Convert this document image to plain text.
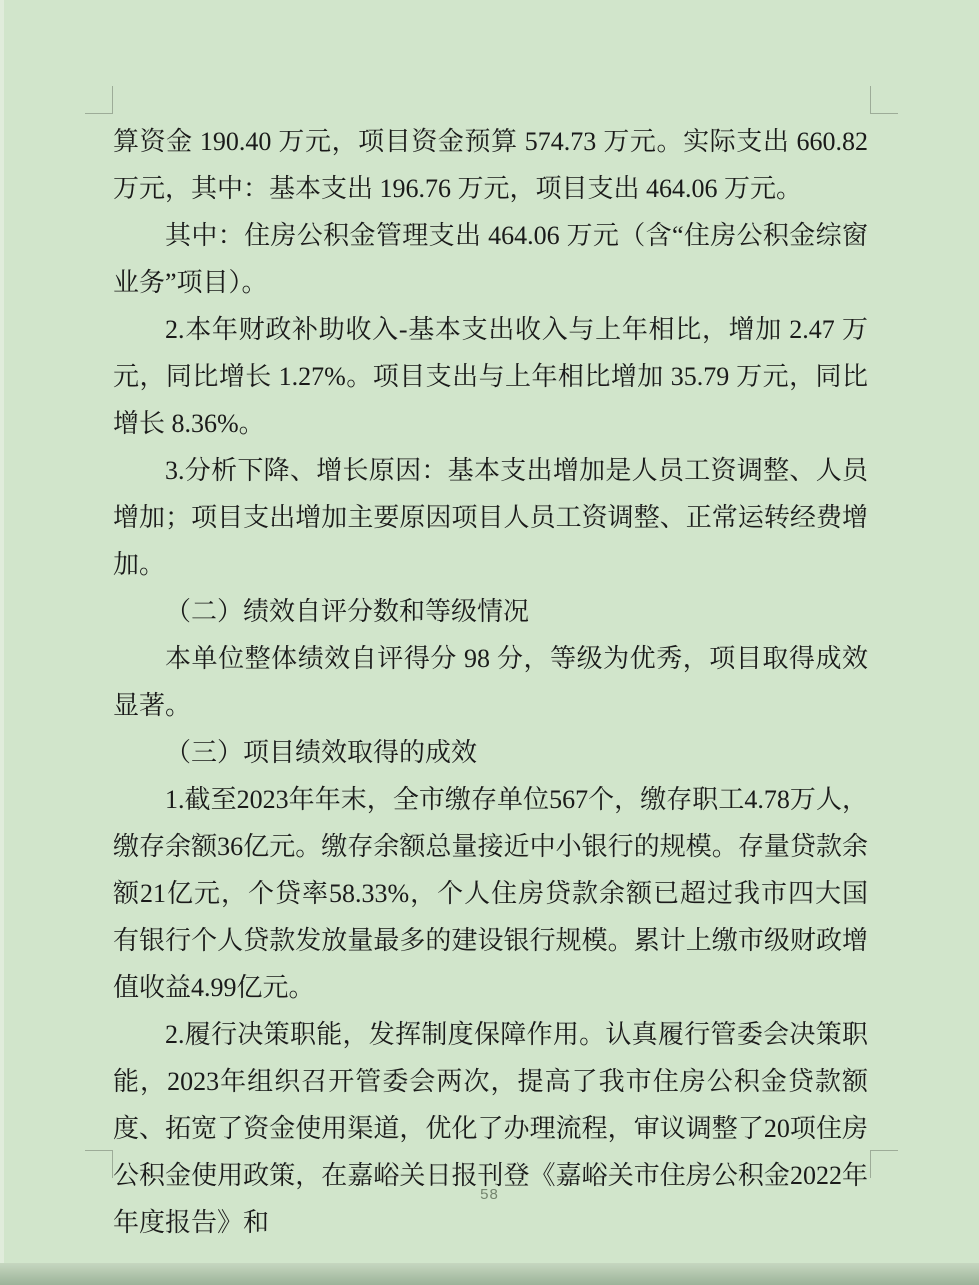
算资金 190.40 万元，项目资金预算 574.73 万元。实际支出 660.82 万元，其中：基本支出 196.76 万元，项目支出 464.06 万元。

其中：住房公积金管理支出 464.06 万元（含“住房公积金综窗业务”项目）。

2.本年财政补助收入-基本支出收入与上年相比，增加 2.47 万元，同比增长 1.27%。项目支出与上年相比增加 35.79 万元，同比增长 8.36%。

3.分析下降、增长原因：基本支出增加是人员工资调整、人员增加；项目支出增加主要原因项目人员工资调整、正常运转经费增加。

（二）绩效自评分数和等级情况

本单位整体绩效自评得分 98 分，等级为优秀，项目取得成效显著。

（三）项目绩效取得的成效

1.截至2023年年末，全市缴存单位567个，缴存职工4.78万人，缴存余额36亿元。缴存余额总量接近中小银行的规模。存量贷款余额21亿元，个贷率58.33%，个人住房贷款余额已超过我市四大国有银行个人贷款发放量最多的建设银行规模。累计上缴市级财政增值收益4.99亿元。

2.履行决策职能，发挥制度保障作用。认真履行管委会决策职能，2023年组织召开管委会两次，提高了我市住房公积金贷款额度、拓宽了资金使用渠道，优化了办理流程，审议调整了20项住房公积金使用政策，在嘉峪关日报刊登《嘉峪关市住房公积金2022年年度报告》和

58
